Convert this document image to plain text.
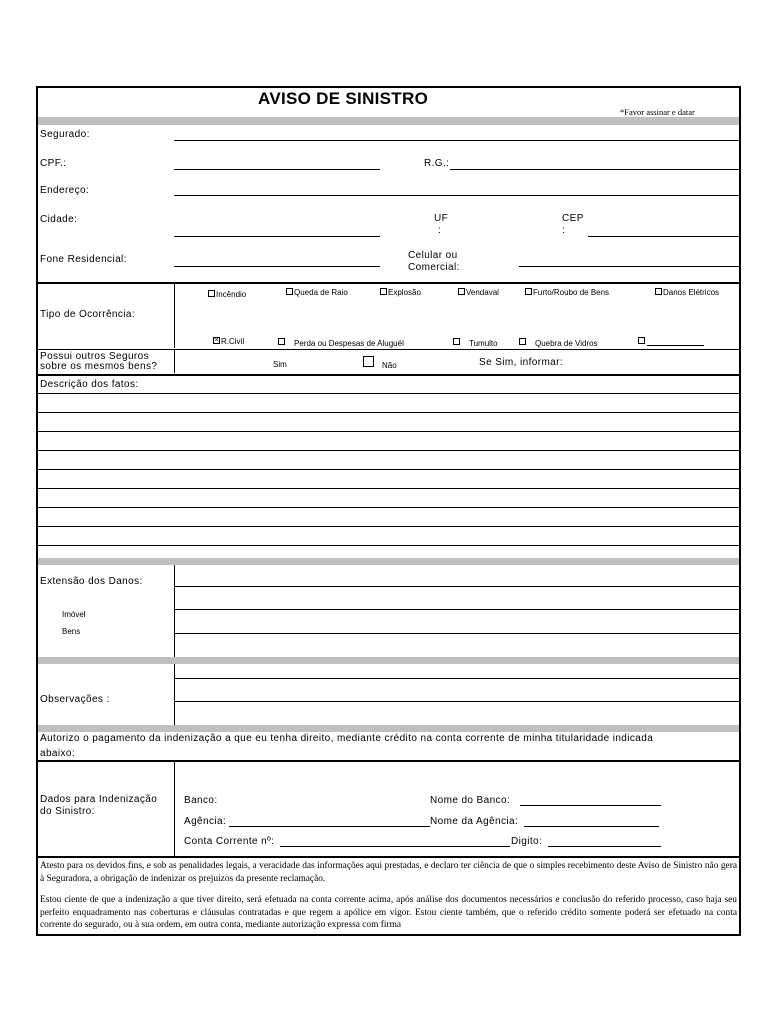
AVISO DE SINISTRO
*Favor assinar e datar
Segurado:
CPF.:	R.G.:
Endereço:
Cidade:	UF
:
CEP
:
Fone Residencial:	Celular ou
Comercial:
Tipo de Ocorrência:
Incêndio	Queda de Raio	Explosão	Vendaval	Furto/Roubo de Bens	Danos Elétricos
× R.Civil	Perda ou Despesas de Aluguél	Tumulto	Quebra de Vidros
Possui outros Seguros
sobre os mesmos bens?	Sim	Não	Se Sim, informar:
Descrição dos fatos:
Extensão dos Danos:
Imóvel
Bens
Observações :
Autorizo o pagamento da indenização a que eu tenha direito, mediante crédito na conta corrente de minha titularidade indicada
abaixo:
Dados para Indenização
do Sinistro:
Banco:	Nome do Banco:
Agência:	Nome da Agência:
Conta Corrente nº:	Digito:
Atesto para os devidos fins, e sob as penalidades legais, a veracidade das informações aqui prestadas, e declaro ter ciência de que o simples recebimento deste Aviso de Sinistro não gera à Seguradora, a obrigação de indenizar os prejuízos da presente reclamação.
Estou ciente de que a indenização a que tiver direito, será efetuada na conta corrente acima, após análise dos documentos necessários e conclusão do referido processo, caso haja seu perfeito enquadramento nas coberturas e cláusulas contratadas e que regem a apólice em vigor. Estou ciente também, que o referido crédito somente poderá ser efetuado na conta corrente do segurado, ou à sua ordem, em outra conta, mediante autorização expressa com firma
